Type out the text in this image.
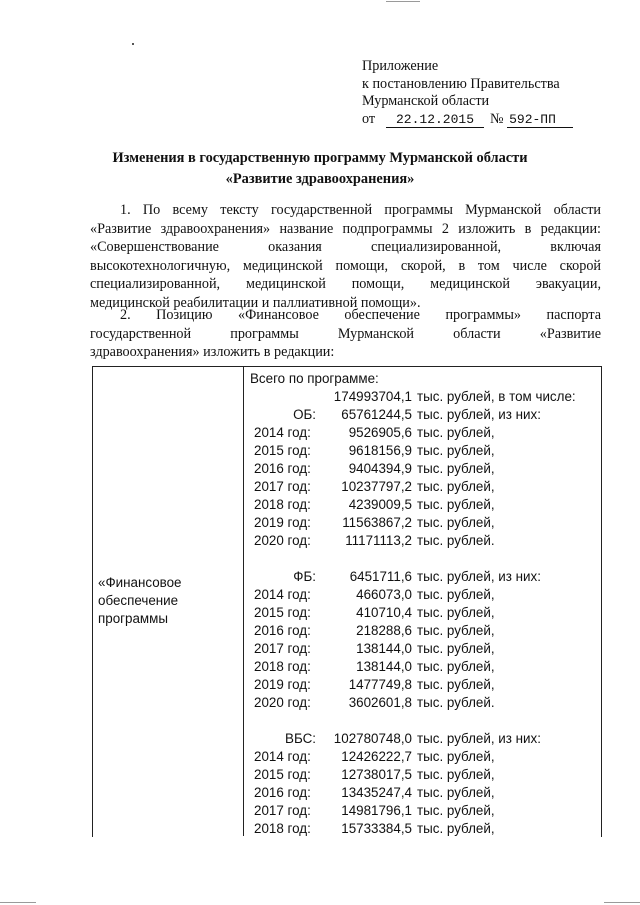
Приложение
к постановлению Правительства
Мурманской области
от 22.12.2015 № 592-ПП
Изменения в государственную программу Мурманской области
«Развитие здравоохранения»
1. По всему тексту государственной программы Мурманской области
«Развитие здравоохранения» название подпрограммы 2 изложить в редакции:
«Совершенствование оказания специализированной, включая
высокотехнологичную, медицинской помощи, скорой, в том числе скорой
специализированной, медицинской помощи, медицинской эвакуации,
медицинской реабилитации и паллиативной помощи».
2. Позицию «Финансовое обеспечение программы» паспорта
государственной программы Мурманской области «Развитие
здравоохранения» изложить в редакции:
«Финансовое
обеспечение
программы
Всего по программе:
174993704,1 тыс. рублей, в том числе:
ОБ:	65761244,5 тыс. рублей, из них:
2014 год:	9526905,6 тыс. рублей,
2015 год:	9618156,9 тыс. рублей,
2016 год:	9404394,9 тыс. рублей,
2017 год:	10237797,2 тыс. рублей,
2018 год:	4239009,5 тыс. рублей,
2019 год:	11563867,2 тыс. рублей,
2020 год:	11171113,2 тыс. рублей.
ФБ:	6451711,6 тыс. рублей, из них:
2014 год:	466073,0 тыс. рублей,
2015 год:	410710,4 тыс. рублей,
2016 год:	218288,6 тыс. рублей,
2017 год:	138144,0 тыс. рублей,
2018 год:	138144,0 тыс. рублей,
2019 год:	1477749,8 тыс. рублей,
2020 год:	3602601,8 тыс. рублей.
ВБС:	102780748,0 тыс. рублей, из них:
2014 год:	12426222,7 тыс. рублей,
2015 год:	12738017,5 тыс. рублей,
2016 год:	13435247,4 тыс. рублей,
2017 год:	14981796,1 тыс. рублей,
2018 год:	15733384,5 тыс. рублей,
